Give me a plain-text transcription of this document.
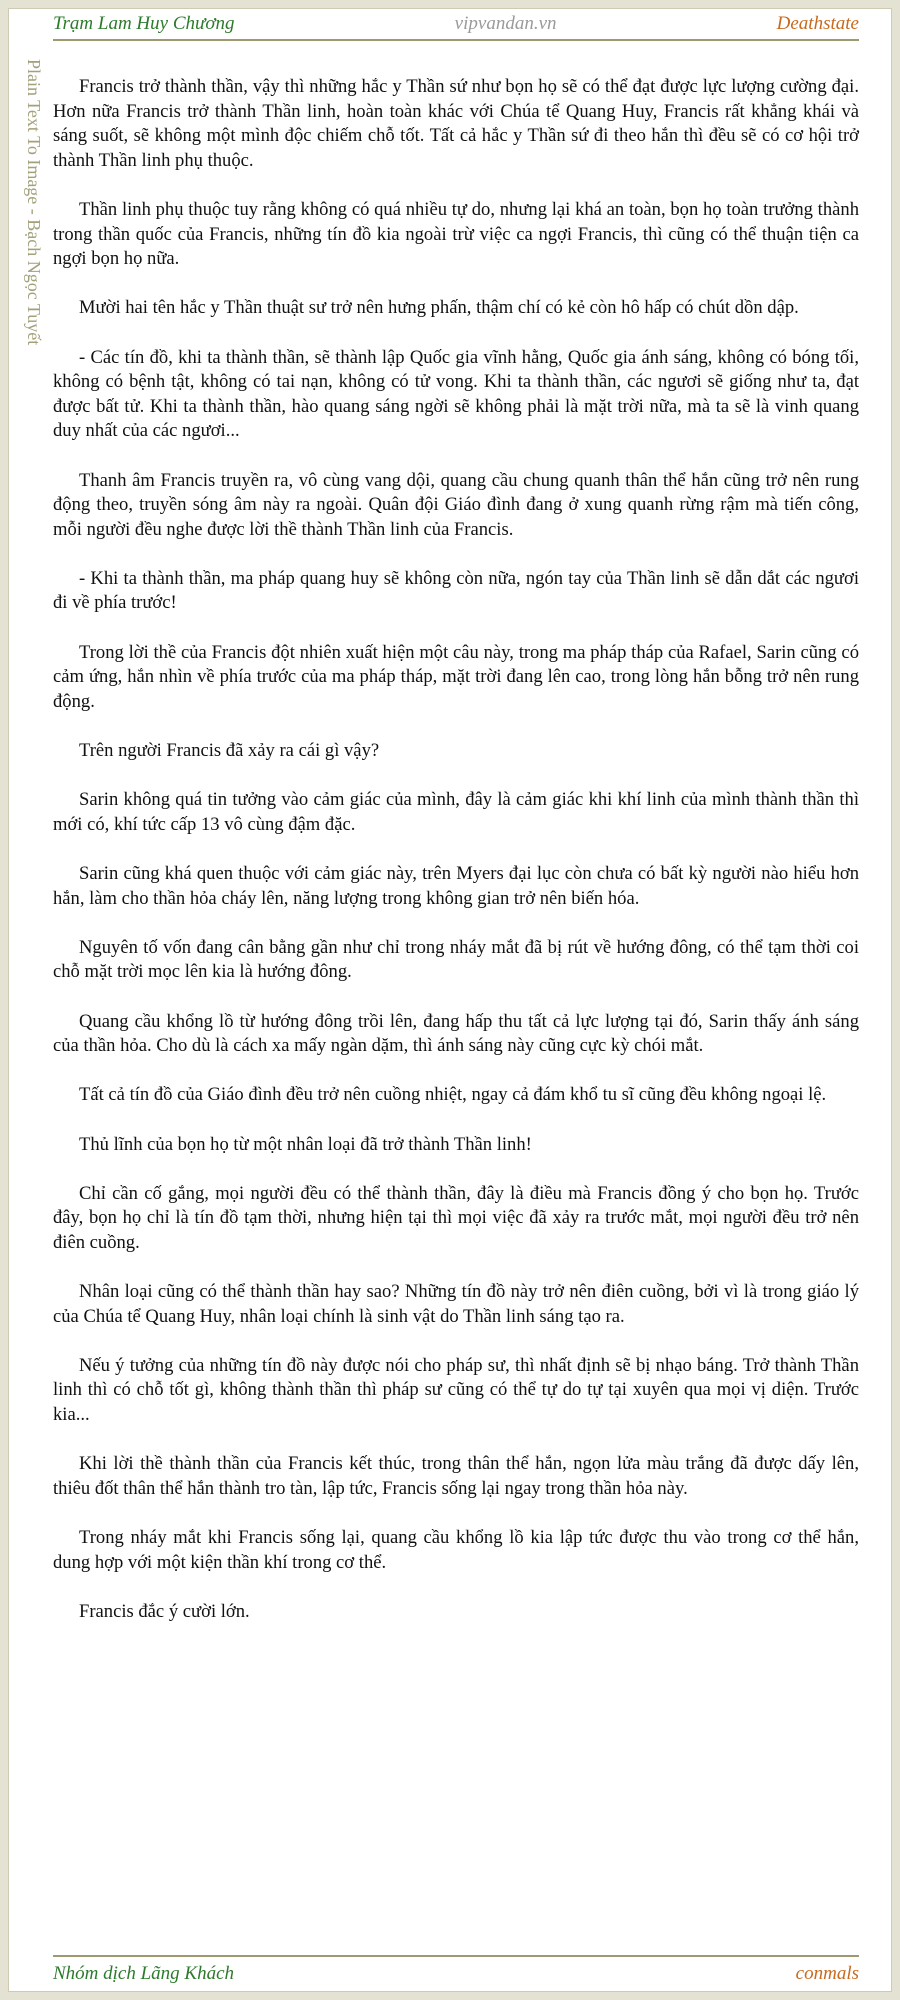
Trạm Lam Huy Chương	vipvandan.vn	Deathstate
Plain Text To Image - Bạch Ngọc Tuyết	Francis trở thành thần, vậy thì những hắc y Thần sứ như bọn họ sẽ có thể đạt được lực lượng cường đại. Hơn nữa Francis trở thành Thần linh, hoàn toàn khác với Chúa tể Quang Huy, Francis rất khẳng khái và sáng suốt, sẽ không một mình độc chiếm chỗ tốt. Tất cả hắc y Thần sứ đi theo hắn thì đều sẽ có cơ hội trở thành Thần linh phụ thuộc.

Thần linh phụ thuộc tuy rằng không có quá nhiều tự do, nhưng lại khá an toàn, bọn họ toàn trưởng thành trong thần quốc của Francis, những tín đồ kia ngoài trừ việc ca ngợi Francis, thì cũng có thể thuận tiện ca ngợi bọn họ nữa.

Mười hai tên hắc y Thần thuật sư trở nên hưng phấn, thậm chí có kẻ còn hô hấp có chút dồn dập.

- Các tín đồ, khi ta thành thần, sẽ thành lập Quốc gia vĩnh hằng, Quốc gia ánh sáng, không có bóng tối, không có bệnh tật, không có tai nạn, không có tử vong. Khi ta thành thần, các ngươi sẽ giống như ta, đạt được bất tử. Khi ta thành thần, hào quang sáng ngời sẽ không phải là mặt trời nữa, mà ta sẽ là vinh quang duy nhất của các ngươi...

Thanh âm Francis truyền ra, vô cùng vang dội, quang cầu chung quanh thân thể hắn cũng trở nên rung động theo, truyền sóng âm này ra ngoài. Quân đội Giáo đình đang ở xung quanh rừng rậm mà tiến công, mỗi người đều nghe được lời thề thành Thần linh của Francis.

- Khi ta thành thần, ma pháp quang huy sẽ không còn nữa, ngón tay của Thần linh sẽ dẫn dắt các ngươi đi về phía trước!

Trong lời thề của Francis đột nhiên xuất hiện một câu này, trong ma pháp tháp của Rafael, Sarin cũng có cảm ứng, hắn nhìn về phía trước của ma pháp tháp, mặt trời đang lên cao, trong lòng hắn bỗng trở nên rung động.

Trên người Francis đã xảy ra cái gì vậy?

Sarin không quá tin tưởng vào cảm giác của mình, đây là cảm giác khi khí linh của mình thành thần thì mới có, khí tức cấp 13 vô cùng đậm đặc.

Sarin cũng khá quen thuộc với cảm giác này, trên Myers đại lục còn chưa có bất kỳ người nào hiểu hơn hắn, làm cho thần hỏa cháy lên, năng lượng trong không gian trở nên biến hóa.

Nguyên tố vốn đang cân bằng gần như chỉ trong nháy mắt đã bị rút về hướng đông, có thể tạm thời coi chỗ mặt trời mọc lên kia là hướng đông.

Quang cầu khổng lồ từ hướng đông trồi lên, đang hấp thu tất cả lực lượng tại đó, Sarin thấy ánh sáng của thần hỏa. Cho dù là cách xa mấy ngàn dặm, thì ánh sáng này cũng cực kỳ chói mắt.

Tất cả tín đồ của Giáo đình đều trở nên cuồng nhiệt, ngay cả đám khổ tu sĩ cũng đều không ngoại lệ.

Thủ lĩnh của bọn họ từ một nhân loại đã trở thành Thần linh!

Chỉ cần cố gắng, mọi người đều có thể thành thần, đây là điều mà Francis đồng ý cho bọn họ. Trước đây, bọn họ chỉ là tín đồ tạm thời, nhưng hiện tại thì mọi việc đã xảy ra trước mắt, mọi người đều trở nên điên cuồng.

Nhân loại cũng có thể thành thần hay sao? Những tín đồ này trở nên điên cuồng, bởi vì là trong giáo lý của Chúa tể Quang Huy, nhân loại chính là sinh vật do Thần linh sáng tạo ra.

Nếu ý tưởng của những tín đồ này được nói cho pháp sư, thì nhất định sẽ bị nhạo báng. Trở thành Thần linh thì có chỗ tốt gì, không thành thần thì pháp sư cũng có thể tự do tự tại xuyên qua mọi vị diện. Trước kia...

Khi lời thề thành thần của Francis kết thúc, trong thân thể hắn, ngọn lửa màu trắng đã được dấy lên, thiêu đốt thân thể hắn thành tro tàn, lập tức, Francis sống lại ngay trong thần hỏa này.

Trong nháy mắt khi Francis sống lại, quang cầu khổng lồ kia lập tức được thu vào trong cơ thể hắn, dung hợp với một kiện thần khí trong cơ thể.

Francis đắc ý cười lớn.

Nhóm dịch Lãng Khách	conmals
